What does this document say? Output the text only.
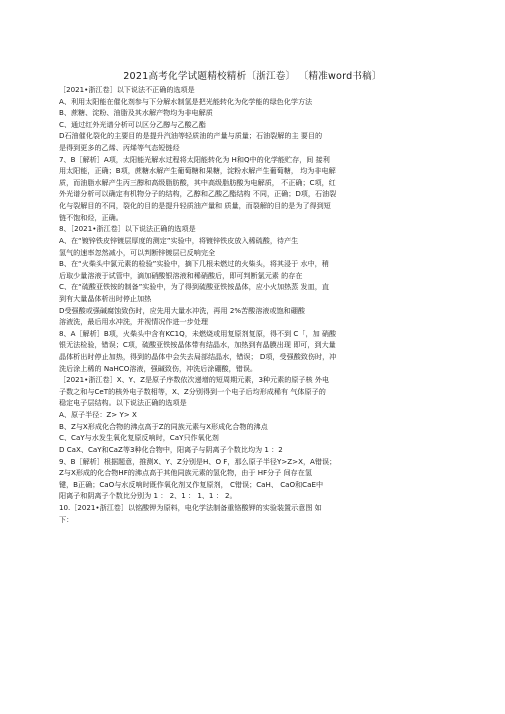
2021高考化学试题精校精析〔浙江卷〕 〔精准word书稿〕
［2021•浙江卷］以下说法不正确的选项是
A、利用太阳能在催化剂参与下分解水制氢是把光能转化为化学能的绿色化学方法
B、蔗糖、淀粉、油脂及其水解产物均为非电解质
C、通过红外光谱分析可以区分乙醇与乙酸乙酯
D石油催化裂化的主要目的是提升汽油等轻质油的产量与质量；石油裂解的主 要目的
是得到更多的乙烯、丙烯等气态短链烃
7、B［解析］A项，太阳能光解水过程将太阳能转化为 H和Q中的化学能贮存，间 接利
用太阳能，正确；B项，蔗糖水解产生葡萄糖和果糖，淀粉水解产生葡萄糖， 均为非电解
质，而油脂水解产生丙三醇和高级脂肪酸，其中高级脂肪酸为电解质， 不正确；C项，红
外光谱分析可以确定有机物分子的结构，乙醇和乙酸乙酯结构 不同，正确；D项，石油裂
化与裂解目的不同，裂化的目的是提升轻质油产量和 质量，而裂解的目的是为了得到短
链不饱和烃，正确。
8、［2021•浙江卷］以下说法正确的选项是
A、在“镀锌铁皮锌镀层厚度的测定”实验中，将镀锌铁皮放入稀硫酸，待产生
氢气的速率忽然减小，可以判断锌镀层已反响完全
B、在“火柴头中氯元素的检验”实验中，摘下几根未燃过的火柴头，将其浸于 水中，稍
后取少量溶液于试管中，滴加硝酸银溶液和稀硝酸后，即可判断氯元素 的存在
C、在“硫酸亚铁铵的制备”实验中，为了得到硫酸亚铁铵晶体，应小火加热蒸 发皿，直
到有大量晶体析出时停止加热
D受强酸或强碱腐蚀致伤时，应先用大量水冲洗，再用 2%苦酸溶液或饱和硼酸
溶液洗，最后用水冲洗，并视情况作进一步处理
8、A［解析］B项，火柴头中含有KC1Q，未燃烧或用复原剂复原，得不到 C「，加 硝酸
银无法检验，错误；C项，硫酸亚铁铵晶体带有结晶水，加热到有晶膜出现 即可，到大量
晶体析出时停止加热，得到的晶体中会失去局部结晶水，错误； D项，受强酸致伤时，冲
洗后涂上稀的 NaHCO溶液，强碱致伤，冲洗后涂硼酸，错误。
［2021•浙江卷］X、Y、Z是原子序数依次递增的短周期元素，3种元素的原子核 外电
子数之和与CeT的核外电子数相等，X、Z分别得到一个电子后均形成稀有 气体原子的
稳定电子层结构。以下说法正确的选项是
A、原子半径：Z> Y> X
B、Z与X形成化合物的沸点高于Z的同族元素与X形成化合物的沸点
C、CaY与水发生氧化复原反响时，CaY只作氧化剂
D CaX、CaY和CaZ等3种化合物中，阳离子与阴离子个数比均为 1 ：2
9、B［解析］根据题意，推测X、Y、Z分别是H、O F，那么原子半径Y>Z>X，A错误；
Z与X形成的化合物HF的沸点高于其他同族元素的氢化物，由于 HF分子 间存在氢
键，B正确；CaO与水反响时既作氧化剂又作复原剂， C错误；CaH、 CaO和CaE中
阳离子和阴离子个数比分别为 1 ： 2、1 ： 1、1 ： 2。
10.［2021•浙江卷］以铭酸钾为原料，电化学法制备重铬酸钾的实验装置示意图 如
下：
